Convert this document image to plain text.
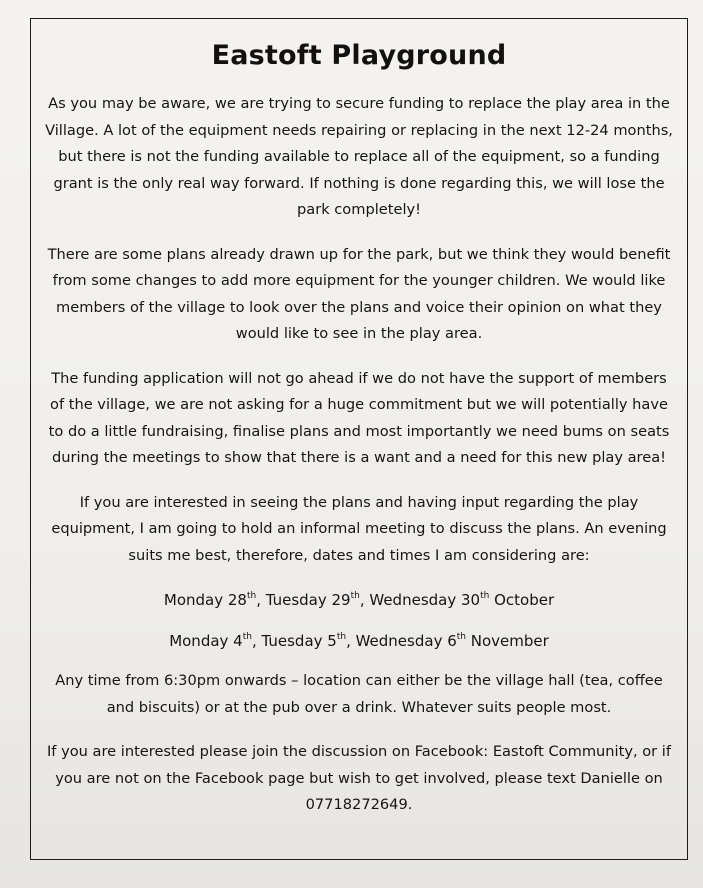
Eastoft Playground

As you may be aware, we are trying to secure funding to replace the play area in the Village. A lot of the equipment needs repairing or replacing in the next 12-24 months, but there is not the funding available to replace all of the equipment, so a funding grant is the only real way forward. If nothing is done regarding this, we will lose the park completely!

There are some plans already drawn up for the park, but we think they would benefit from some changes to add more equipment for the younger children. We would like members of the village to look over the plans and voice their opinion on what they would like to see in the play area.

The funding application will not go ahead if we do not have the support of members of the village, we are not asking for a huge commitment but we will potentially have to do a little fundraising, finalise plans and most importantly we need bums on seats during the meetings to show that there is a want and a need for this new play area!

If you are interested in seeing the plans and having input regarding the play equipment, I am going to hold an informal meeting to discuss the plans. An evening suits me best, therefore, dates and times I am considering are:

Monday 28th, Tuesday 29th, Wednesday 30th October

Monday 4th, Tuesday 5th, Wednesday 6th November

Any time from 6:30pm onwards – location can either be the village hall (tea, coffee and biscuits) or at the pub over a drink. Whatever suits people most.

If you are interested please join the discussion on Facebook: Eastoft Community, or if you are not on the Facebook page but wish to get involved, please text Danielle on 07718272649.
